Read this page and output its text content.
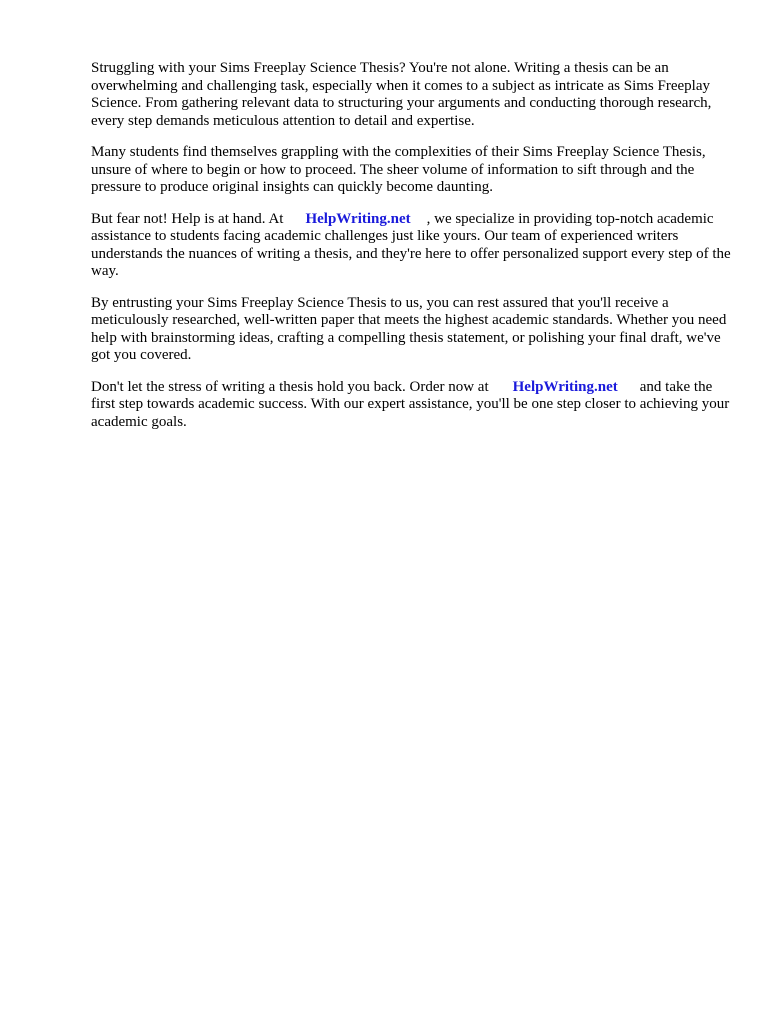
Struggling with your Sims Freeplay Science Thesis? You're not alone. Writing a thesis can be an overwhelming and challenging task, especially when it comes to a subject as intricate as Sims Freeplay Science. From gathering relevant data to structuring your arguments and conducting thorough research, every step demands meticulous attention to detail and expertise.

Many students find themselves grappling with the complexities of their Sims Freeplay Science Thesis, unsure of where to begin or how to proceed. The sheer volume of information to sift through and the pressure to produce original insights can quickly become daunting.

But fear not! Help is at hand. At HelpWriting.net , we specialize in providing top-notch academic assistance to students facing academic challenges just like yours. Our team of experienced writers understands the nuances of writing a thesis, and they're here to offer personalized support every step of the way.

By entrusting your Sims Freeplay Science Thesis to us, you can rest assured that you'll receive a meticulously researched, well-written paper that meets the highest academic standards. Whether you need help with brainstorming ideas, crafting a compelling thesis statement, or polishing your final draft, we've got you covered.

Don't let the stress of writing a thesis hold you back. Order now at HelpWriting.net and take the first step towards academic success. With our expert assistance, you'll be one step closer to achieving your academic goals.
